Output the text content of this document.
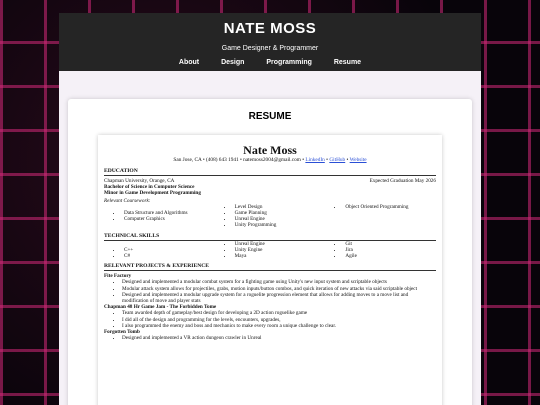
NATE MOSS
Game Designer & Programmer
About	Design	Programming	Resume
RESUME
Nate Moss
San Jose, CA • (408) 643 1941 • natemoss2004@gmail.com • LinkedIn • GitHub • Website
EDUCATION
Chapman University, Orange, CA	Expected Graduation May 2026
Bachelor of Science in Computer Science
Minor in Game Development Programming
Relevant Coursework:
• Data Structure and Algorithms
• Computer Graphics
• Level Design
• Game Planning
• Unreal Engine
• Unity Programming
• Object Oriented Programming
TECHNICAL SKILLS
• C++
• C#
• Unreal Engine
• Unity Engine
• Maya
• Git
• Jira
• Agile
RELEVANT PROJECTS & EXPERIENCE
Fite Factory
• Designed and implemented a modular combat system for a fighting game using Unity's new input system and scriptable objects
• Modular attack system allows for projectiles, grabs, motion inputs/button combos, and quick iteration of new attacks via said scriptable object
• Designed and implemented a modular upgrade system for a roguelite progression element that allows for adding moves to a move list and modification of move and player stats
Chapman 48 Hr Game Jam - The Forbidden Tome
• Team awarded depth of gameplay/best design for developing a 2D action roguelike game
• I did all of the design and programming for the levels, encounters, upgrades,
• I also programmed the enemy and boss and mechanics to make every room a unique challenge to clear.
Forgotten Tomb
• Designed and implemented a VR action dungeon crawler in Unreal
